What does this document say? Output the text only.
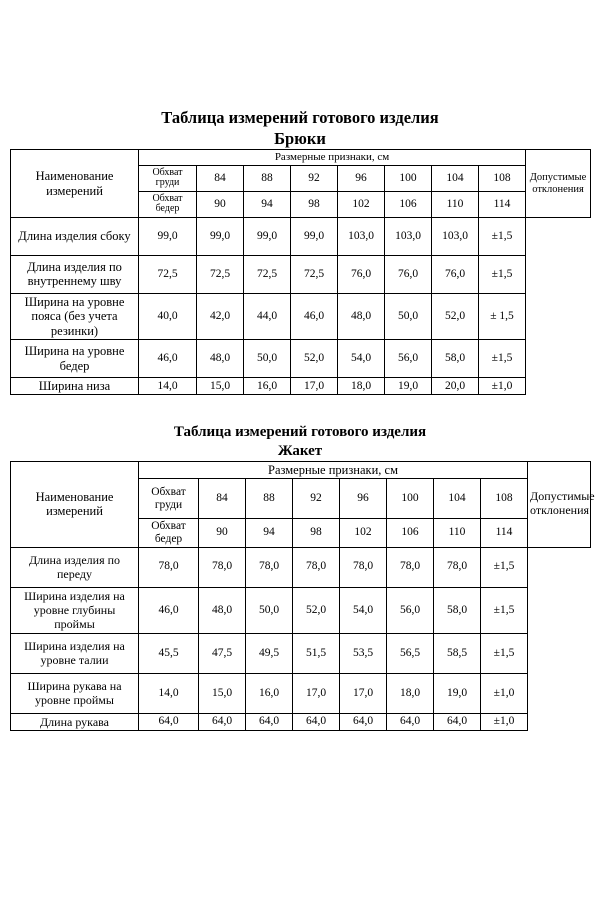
Таблица измерений готового изделия
Брюки
Наименование измерений	Размерные признаки, см								Допустимые отклонения
	Обхват груди	84	88	92	96	100	104	108	
	Обхват бедер	90	94	98	102	106	110	114	
Длина изделия сбоку	99,0	99,0	99,0	99,0	103,0	103,0	103,0	±1,5	
Длина изделия по внутреннему шву	72,5	72,5	72,5	72,5	76,0	76,0	76,0	±1,5	
Ширина на уровне пояса (без учета резинки)	40,0	42,0	44,0	46,0	48,0	50,0	52,0	± 1,5	
Ширина на уровне бедер	46,0	48,0	50,0	52,0	54,0	56,0	58,0	±1,5	
Ширина низа	14,0	15,0	16,0	17,0	18,0	19,0	20,0	±1,0	
Таблица измерений готового изделия
Жакет
Наименование измерений	Размерные признаки, см								Допустимые отклонения
	Обхват груди	84	88	92	96	100	104	108	
	Обхват бедер	90	94	98	102	106	110	114	
Длина изделия по переду	78,0	78,0	78,0	78,0	78,0	78,0	78,0	±1,5	
Ширина изделия на уровне глубины проймы	46,0	48,0	50,0	52,0	54,0	56,0	58,0	±1,5	
Ширина изделия на уровне талии	45,5	47,5	49,5	51,5	53,5	56,5	58,5	±1,5	
Ширина рукава на уровне проймы	14,0	15,0	16,0	17,0	17,0	18,0	19,0	±1,0	
Длина рукава	64,0	64,0	64,0	64,0	64,0	64,0	64,0	±1,0	
